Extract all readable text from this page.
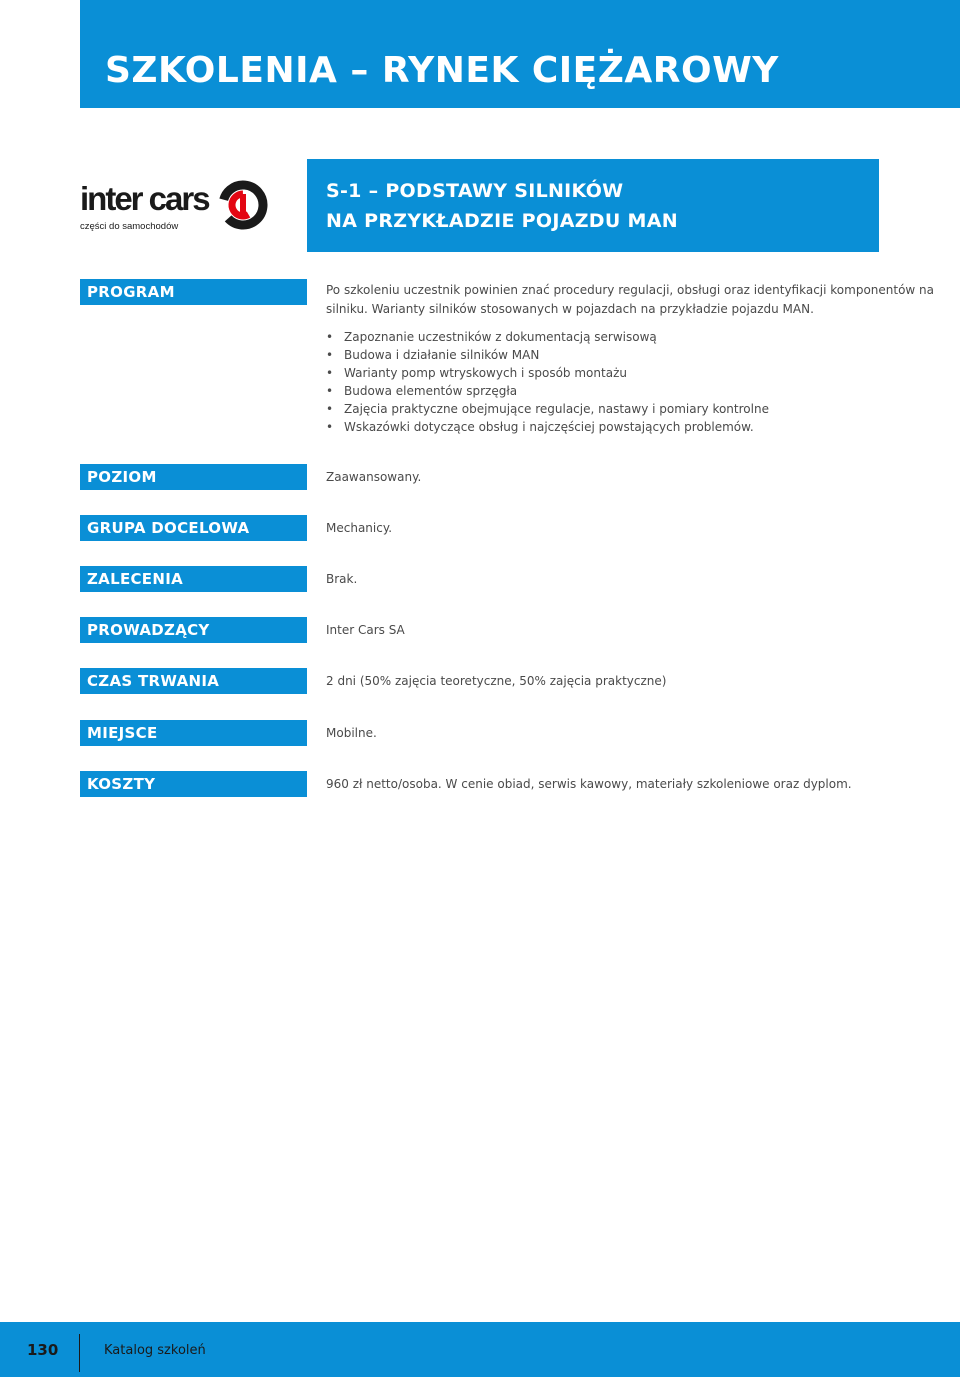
SZKOLENIA – RYNEK CIĘŻAROWY
inter cars
części do samochodów
S-1 – PODSTAWY SILNIKÓW
NA PRZYKŁADZIE POJAZDU MAN
PROGRAM	Po szkoleniu uczestnik powinien znać procedury regulacji, obsługi oraz identyfikacji komponentów na
silniku. Warianty silników stosowanych w pojazdach na przykładzie pojazdu MAN.
• Zapoznanie uczestników z dokumentacją serwisową
• Budowa i działanie silników MAN
• Warianty pomp wtryskowych i sposób montażu
• Budowa elementów sprzęgła
• Zajęcia praktyczne obejmujące regulacje, nastawy i pomiary kontrolne
• Wskazówki dotyczące obsług i najczęściej powstających problemów.
POZIOM	Zaawansowany.
GRUPA DOCELOWA	Mechanicy.
ZALECENIA	Brak.
PROWADZĄCY	Inter Cars SA
CZAS TRWANIA	2 dni (50% zajęcia teoretyczne, 50% zajęcia praktyczne)
MIEJSCE	Mobilne.
KOSZTY	960 zł netto/osoba. W cenie obiad, serwis kawowy, materiały szkoleniowe oraz dyplom.
130	Katalog szkoleń
